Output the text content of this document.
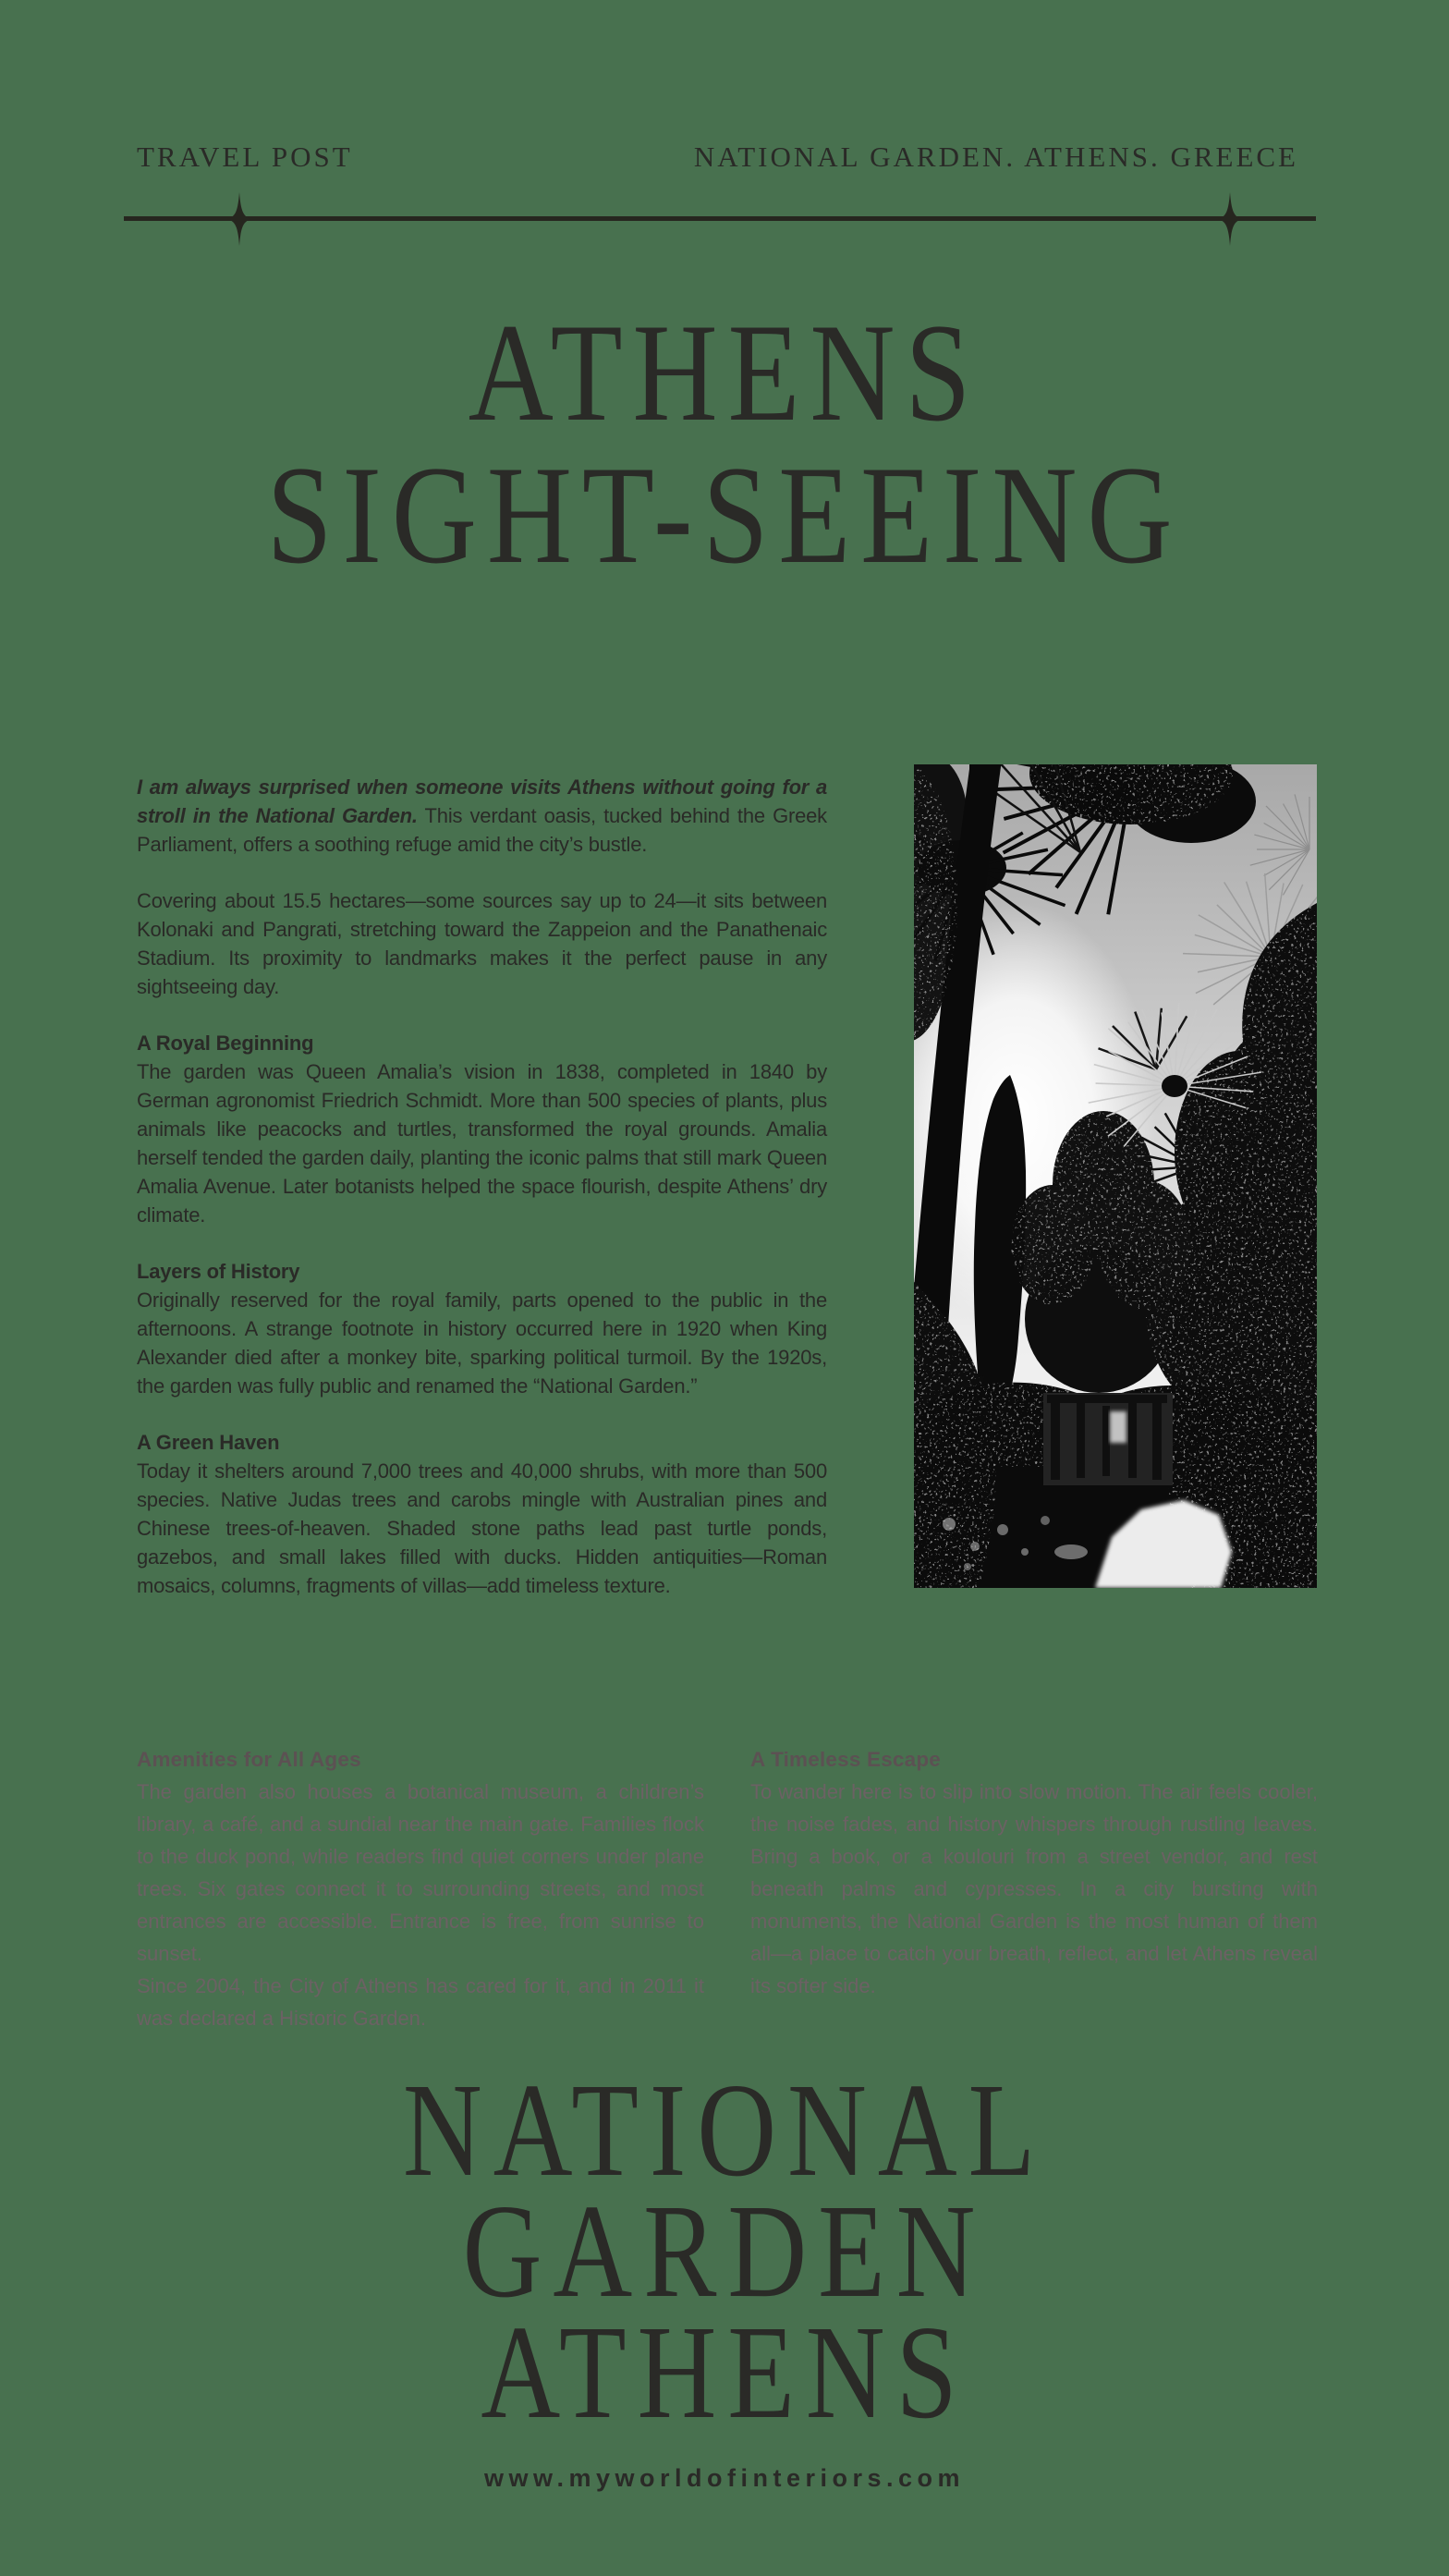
TRAVEL POST	NATIONAL GARDEN. ATHENS. GREECE
ATHENS
SIGHT-SEEING

I am always surprised when someone visits Athens without going for a stroll in the National Garden. This verdant oasis, tucked behind the Greek Parliament, offers a soothing refuge amid the city’s bustle.

Covering about 15.5 hectares—some sources say up to 24—it sits between Kolonaki and Pangrati, stretching toward the Zappeion and the Panathenaic Stadium. Its proximity to landmarks makes it the perfect pause in any sightseeing day.

A Royal Beginning

The garden was Queen Amalia’s vision in 1838, completed in 1840 by German agronomist Friedrich Schmidt. More than 500 species of plants, plus animals like peacocks and turtles, transformed the royal grounds. Amalia herself tended the garden daily, planting the iconic palms that still mark Queen Amalia Avenue. Later botanists helped the space flourish, despite Athens’ dry climate.

Layers of History

Originally reserved for the royal family, parts opened to the public in the afternoons. A strange footnote in history occurred here in 1920 when King Alexander died after a monkey bite, sparking political turmoil. By the 1920s, the garden was fully public and renamed the “National Garden.”

A Green Haven

Today it shelters around 7,000 trees and 40,000 shrubs, with more than 500 species. Native Judas trees and carobs mingle with Australian pines and Chinese trees-of-heaven. Shaded stone paths lead past turtle ponds, gazebos, and small lakes filled with ducks. Hidden antiquities—Roman mosaics, columns, fragments of villas—add timeless texture.

Amenities for All Ages

The garden also houses a botanical museum, a children’s library, a café, and a sundial near the main gate. Families flock to the duck pond, while readers find quiet corners under plane trees. Six gates connect it to surrounding streets, and most entrances are accessible. Entrance is free, from sunrise to sunset.

Since 2004, the City of Athens has cared for it, and in 2011 it was declared a Historic Garden.

A Timeless Escape

To wander here is to slip into slow motion. The air feels cooler, the noise fades, and history whispers through rustling leaves. Bring a book, or a koulouri from a street vendor, and rest beneath palms and cypresses. In a city bursting with monuments, the National Garden is the most human of them all—a place to catch your breath, reflect, and let Athens reveal its softer side.

NATIONAL
GARDEN
ATHENS
www.myworldofinteriors.com
